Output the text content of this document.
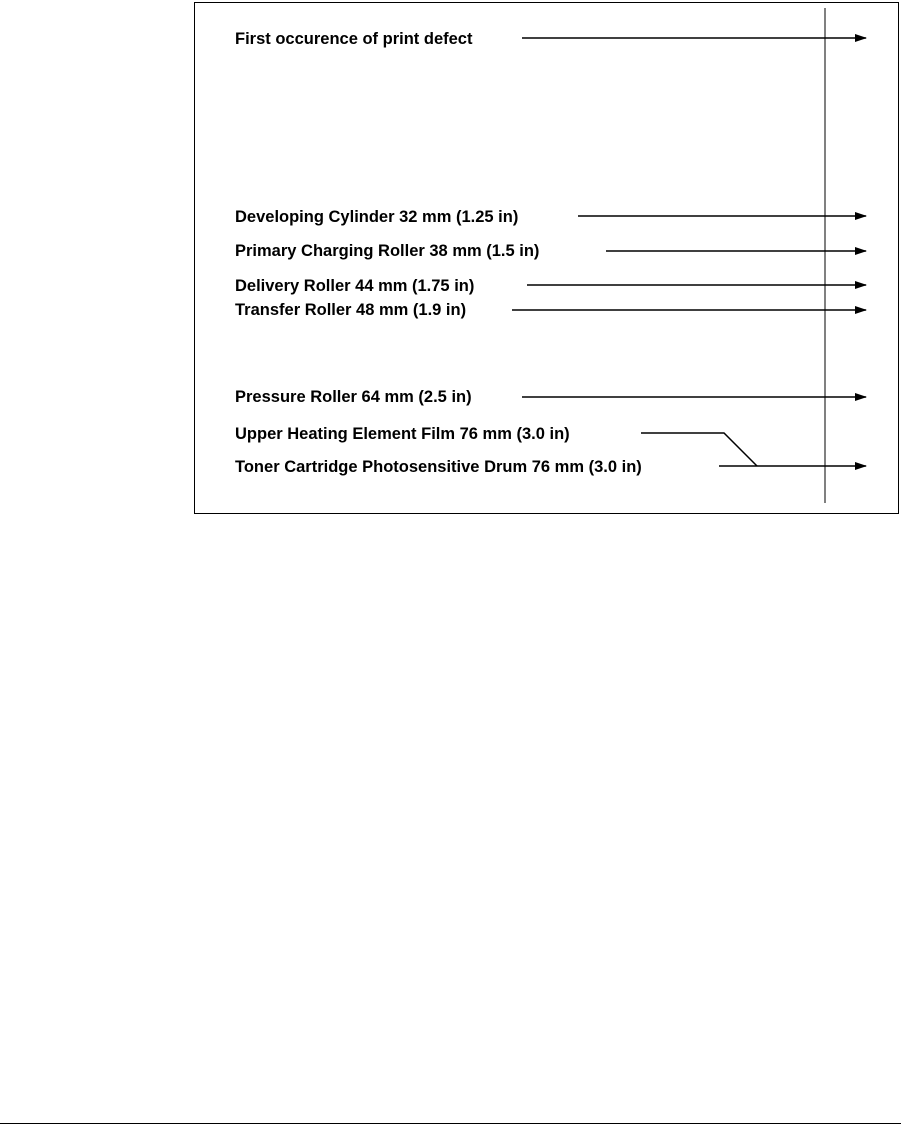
First occurence of print defect
Developing Cylinder 32 mm (1.25 in)
Primary Charging Roller 38 mm (1.5 in)
Delivery Roller 44 mm (1.75 in)
Transfer Roller 48 mm (1.9 in)
Pressure Roller 64 mm (2.5 in)
Upper Heating Element Film 76 mm (3.0 in)
Toner Cartridge Photosensitive Drum 76 mm (3.0 in)
